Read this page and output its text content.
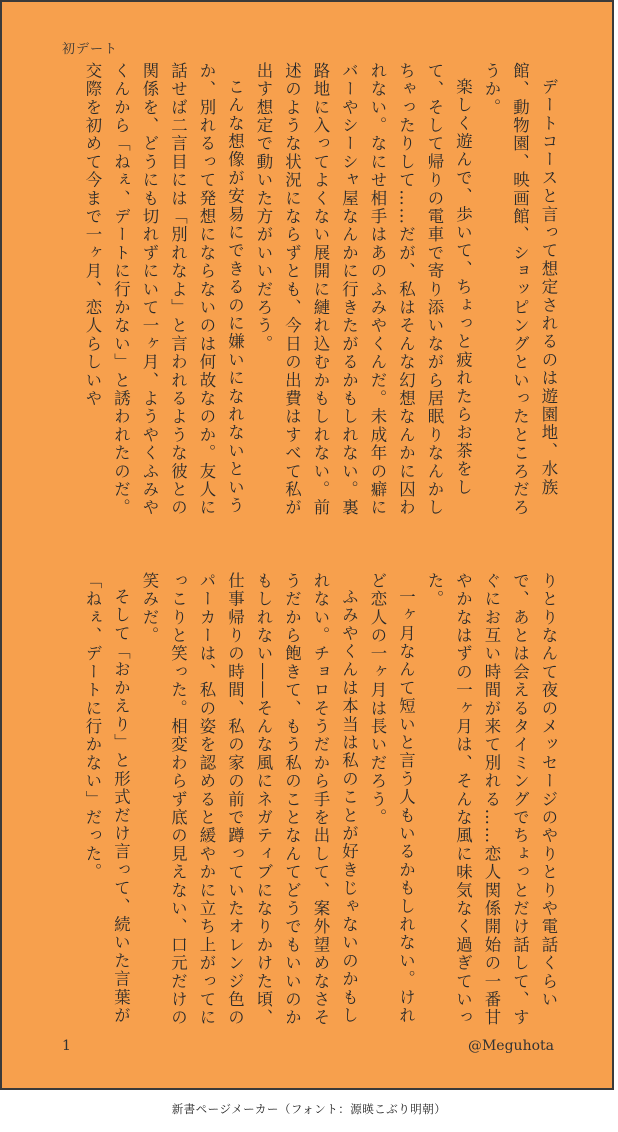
初デート

デートコースと言って想定されるのは遊園地、水族館、動物園、映画館、ショッピングといったところだろうか。

楽しく遊んで、歩いて、ちょっと疲れたらお茶をして、そして帰りの電車で寄り添いながら居眠りなんかしちゃったりして……だが、私はそんな幻想なんかに囚われない。なにせ相手はあのふみやくんだ。未成年の癖にバーやシーシャ屋なんかに行きたがるかもしれない。裏路地に入ってよくない展開に縺れ込むかもしれない。前述のような状況にならずとも、今日の出費はすべて私が出す想定で動いた方がいいだろう。

こんな想像が安易にできるのに嫌いになれないというか、別れるって発想にならないのは何故なのか。友人に話せば二言目には「別れなよ」と言われるような彼との関係を、どうにも切れずにいて一ヶ月、ようやくふみやくんから「ねぇ、デートに行かない」と誘われたのだ。交際を初めて今まで一ヶ月、恋人らしいや

りとりなんて夜のメッセージのやりとりや電話くらいで、あとは会えるタイミングでちょっとだけ話して、すぐにお互い時間が来て別れる……恋人関係開始の一番甘やかなはずの一ヶ月は、そんな風に味気なく過ぎていった。

一ヶ月なんて短いと言う人もいるかもしれない。けれど恋人の一ヶ月は長いだろう。

ふみやくんは本当は私のことが好きじゃないのかもしれない。チョロそうだから手を出して、案外望めなさそうだから飽きて、もう私のことなんてどうでもいいのかもしれない――そんな風にネガティブになりかけた頃、仕事帰りの時間、私の家の前で蹲っていたオレンジ色のパーカーは、私の姿を認めると緩やかに立ち上がってにっこりと笑った。相変わらず底の見えない、口元だけの笑みだ。

そして「おかえり」と形式だけ言って、続いた言葉が「ねぇ、デートに行かない」だった。

1	@Meguhota
新書ページメーカー（フォント：源暎こぶり明朝）
